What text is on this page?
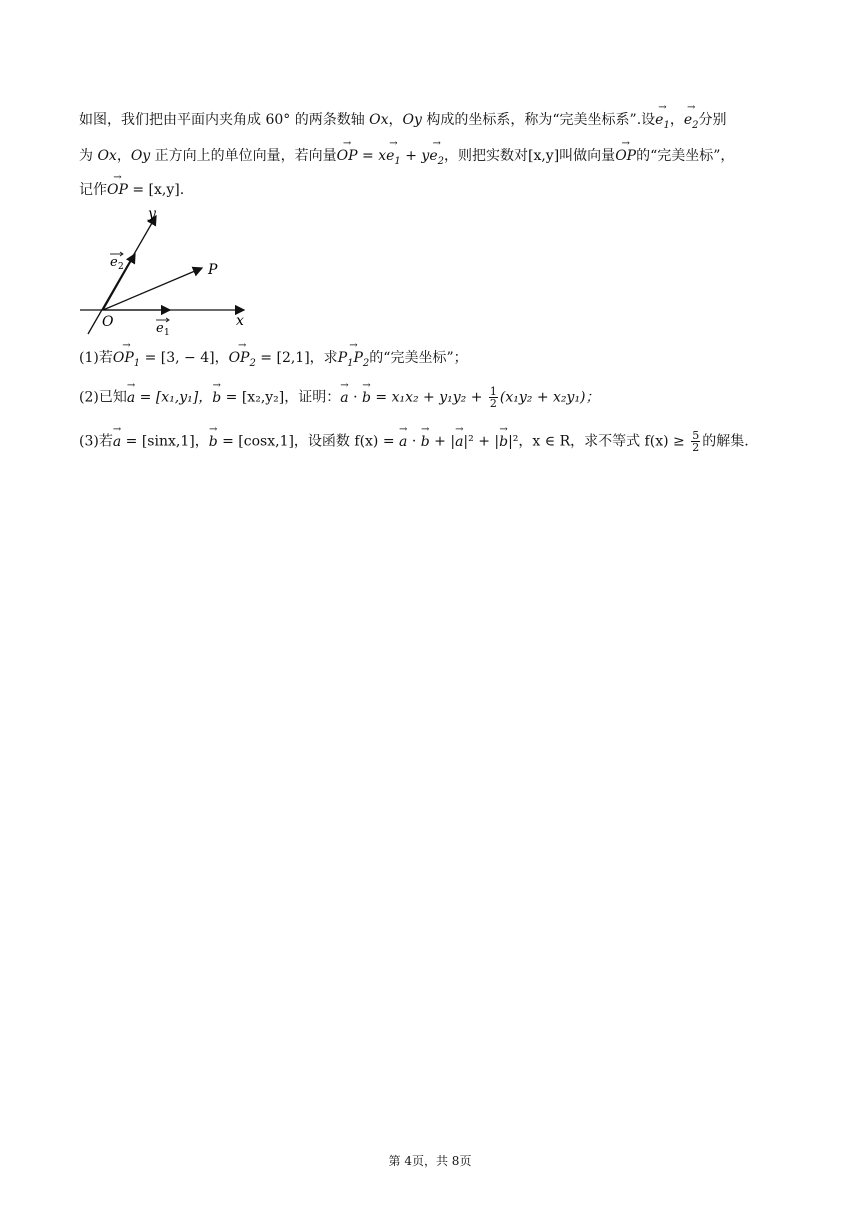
如图，我们把由平面内夹角成 60° 的两条数轴 Ox，Oy 构成的坐标系，称为“完美坐标系”.设$e_1$ →，$e_2$ →分别
为 Ox，Oy 正方向上的单位向量，若向量OP → = $xe_1$ → + $ye_2$ →，则把实数对[x,y]叫做向量OP →的“完美坐标”，
记作OP → = [x,y].
y
x
O
P
e 1
e 2
(1)若$OP_1$ → = [3, − 4]，$OP_2$ → = [2,1]，求$P_1P_2$ →的“完美坐标”；
(2)已知a → = [x₁,y₁]，b → = [x₂,y₂]，证明：a → · b → = $x_1x_2 + y_1y_2 + \frac{1}{2} (x_1y_2 + x_2y_1)$；
(3)若a → = [sinx,1]，b → = [cosx,1]，设函数 f(x) = a → · b → + |a →|² + |b →|²，x ∈ R，求不等式 $f(x) \ge \frac{5}{2}$ 的解集.
第 4页，共 8页
